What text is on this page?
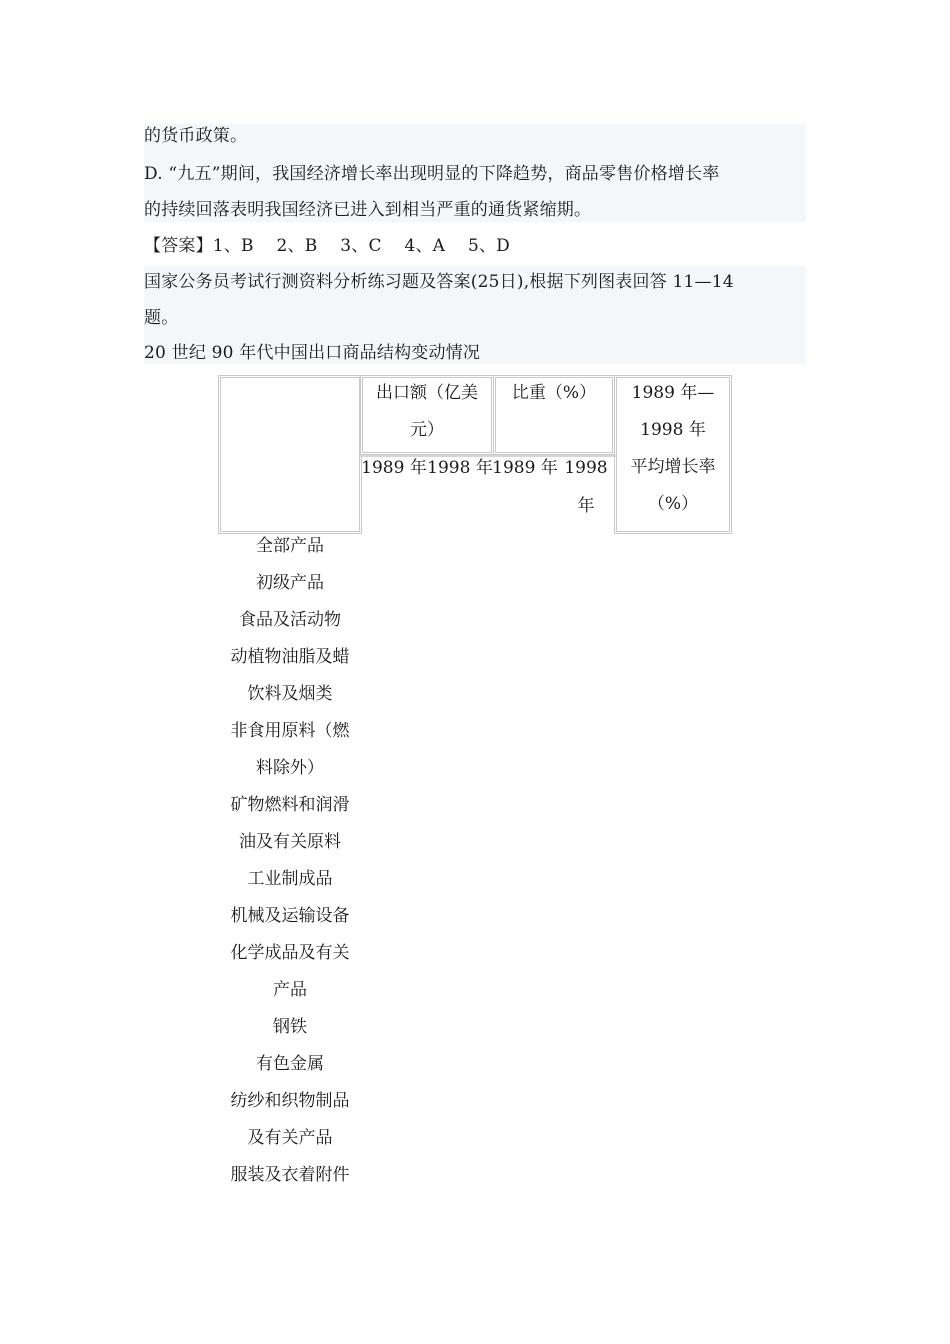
的货币政策。
D. “九五”期间，我国经济增长率出现明显的下降趋势，商品零售价格增长率
的持续回落表明我国经济已进入到相当严重的通货紧缩期。
【答案】1、B　 2、B　 3、C　 4、A　 5、D
国家公务员考试行测资料分析练习题及答案(25日),根据下列图表回答 11—14
题。
20 世纪 90 年代中国出口商品结构变动情况
出口额（亿美
元）
比重（%）	1989 年—
1998 年
平均增长率
（%）
1989 年 1998 年 1989 年 1998
年
全部产品
初级产品
食品及活动物
动植物油脂及蜡
饮料及烟类
非食用原料（燃
料除外）
矿物燃料和润滑
油及有关原料
工业制成品
机械及运输设备
化学成品及有关
产品
钢铁
有色金属
纺纱和织物制品
及有关产品
服装及衣着附件
